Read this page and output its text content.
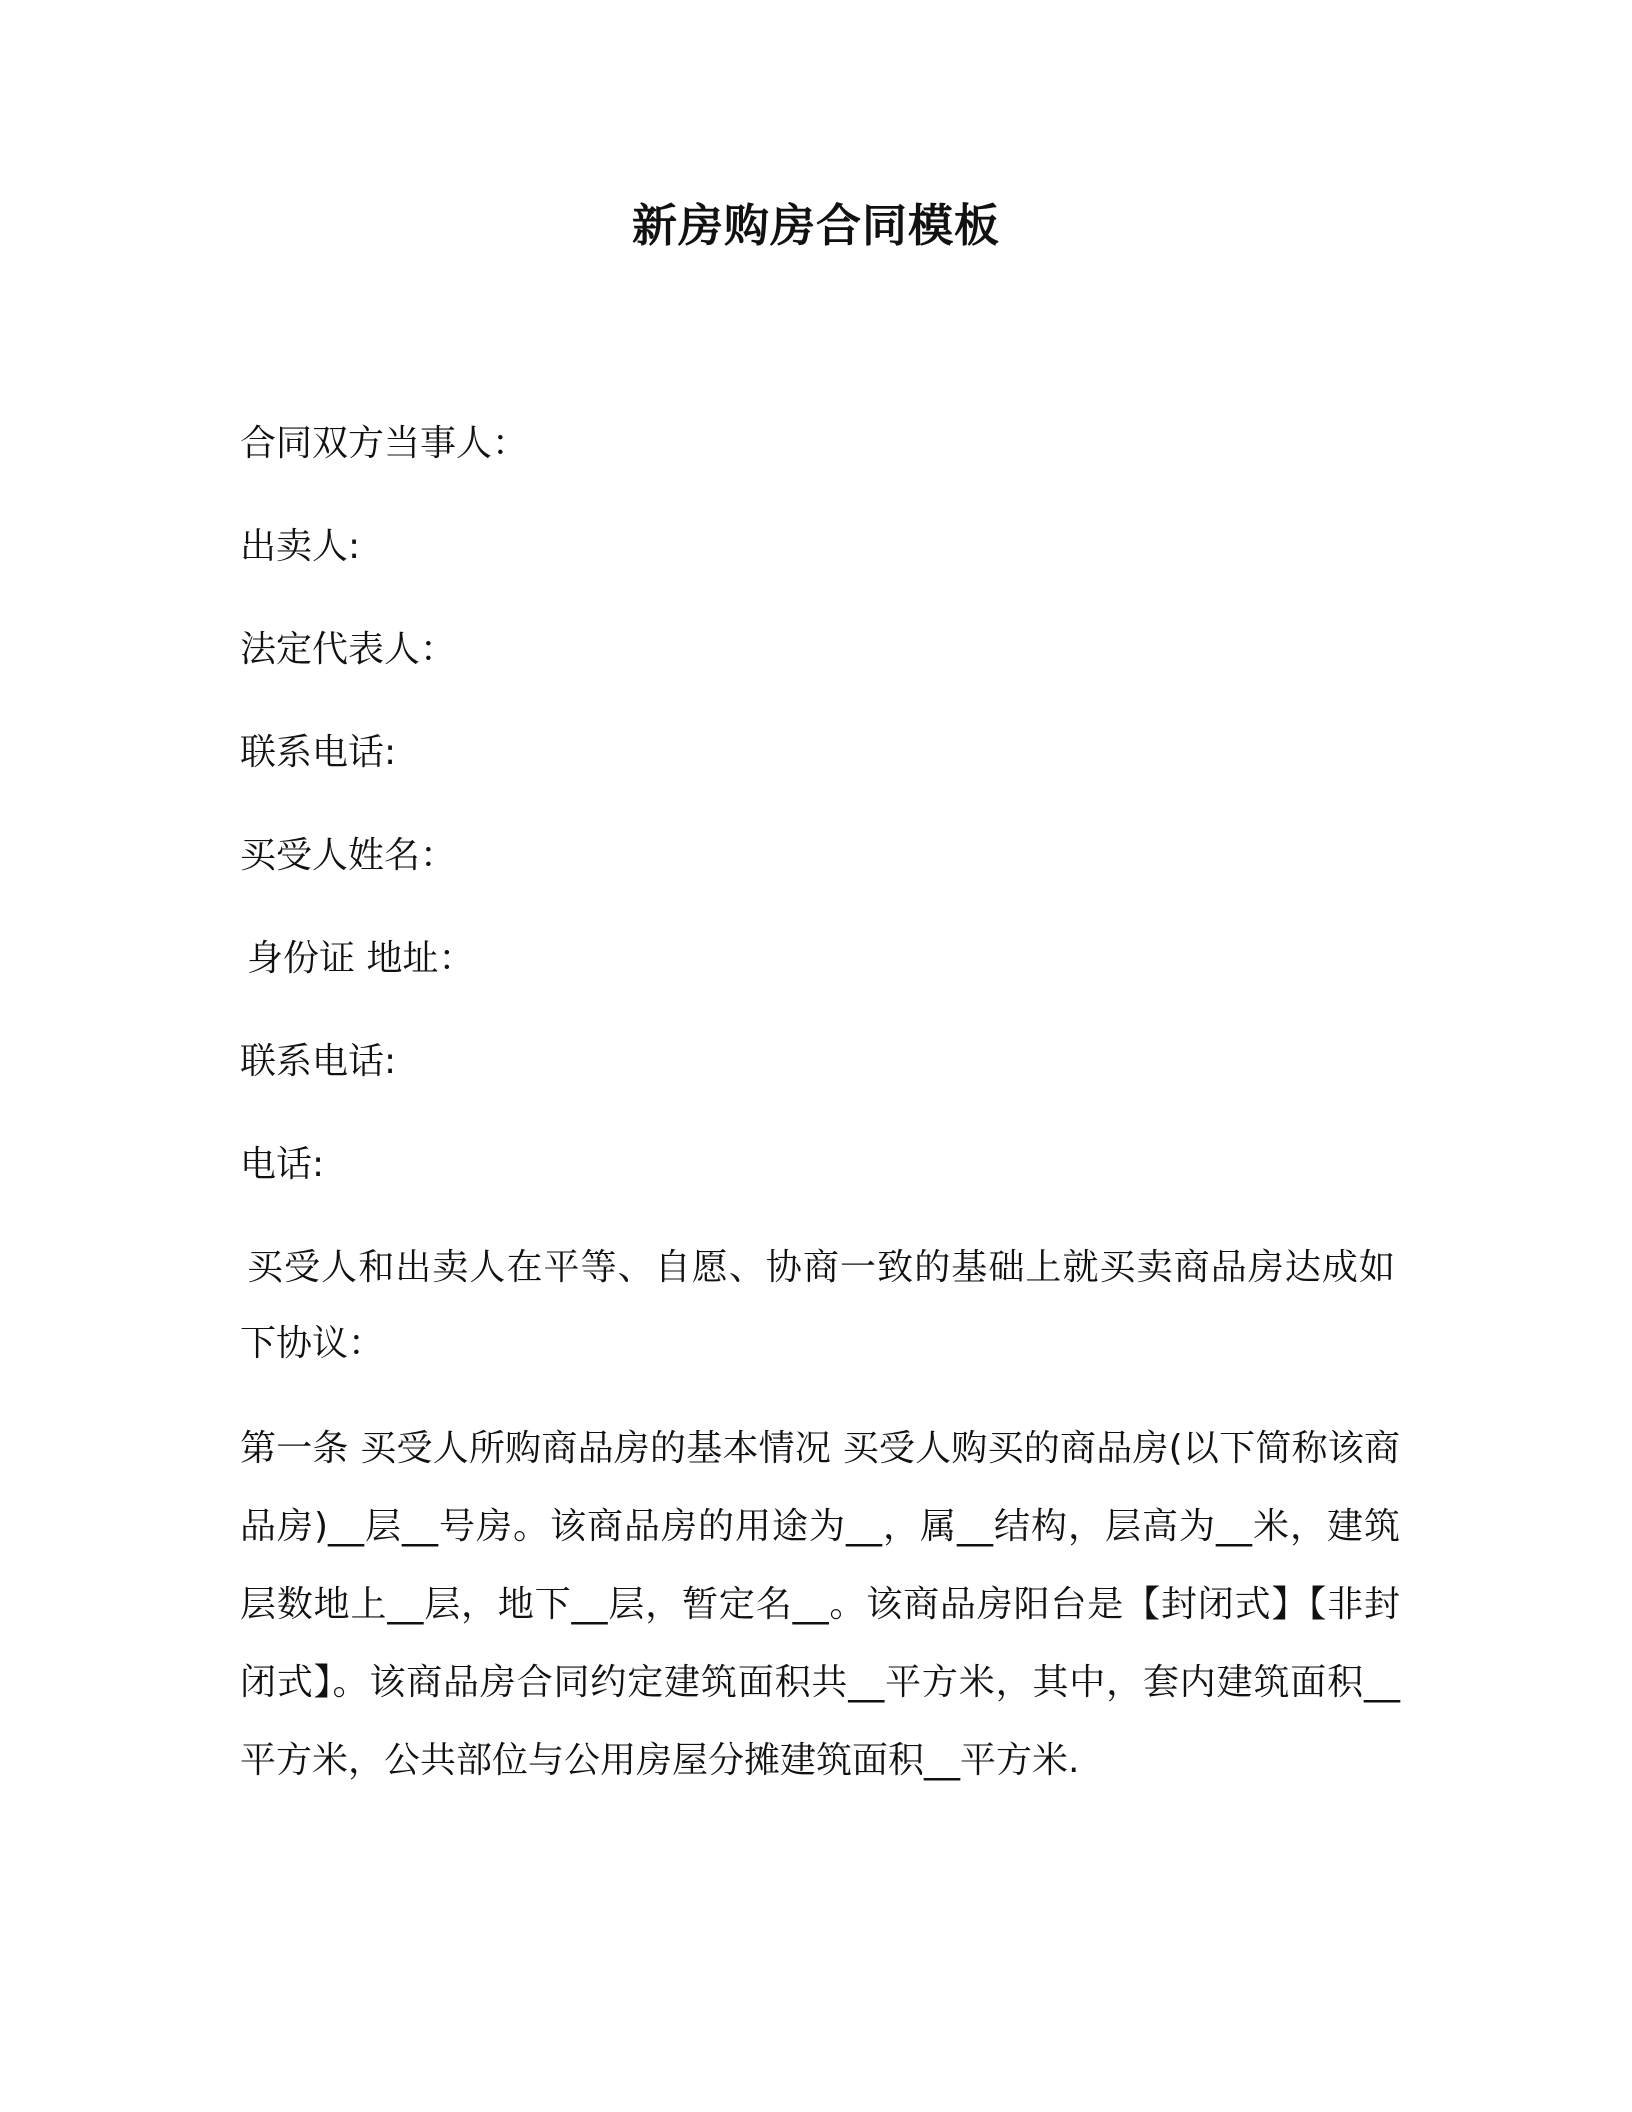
新房购房合同模板
合同双方当事人：
出卖人:
法定代表人：
联系电话:
买受人姓名：
身份证 地址：
联系电话:
电话:
买受人和出卖人在平等、自愿、协商一致的基础上就买卖商品房达成如下协议：
第一条 买受人所购商品房的基本情况 买受人购买的商品房(以下简称该商品房)__层__号房。该商品房的用途为__，属__结构，层高为__米，建筑层数地上__层，地下__层，暂定名__。该商品房阳台是【封闭式】【非封闭式】。该商品房合同约定建筑面积共__平方米，其中，套内建筑面积__平方米，公共部位与公用房屋分摊建筑面积__平方米.
